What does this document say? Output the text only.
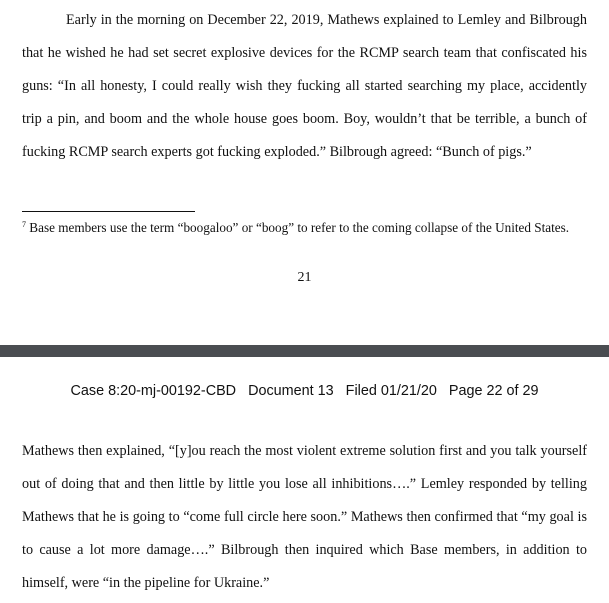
Early in the morning on December 22, 2019, Mathews explained to Lemley and Bilbrough that he wished he had set secret explosive devices for the RCMP search team that confiscated his guns: “In all honesty, I could really wish they fucking all started searching my place, accidently trip a pin, and boom and the whole house goes boom. Boy, wouldn’t that be terrible, a bunch of fucking RCMP search experts got fucking exploded.” Bilbrough agreed: “Bunch of pigs.”

$^7$ Base members use the term “boogaloo” or “boog” to refer to the coming collapse of the United States.

21
Case 8:20-mj-00192-CBD   Document 13   Filed 01/21/20   Page 22 of 29

Mathews then explained, “[y]ou reach the most violent extreme solution first and you talk yourself out of doing that and then little by little you lose all inhibitions….” Lemley responded by telling Mathews that he is going to “come full circle here soon.” Mathews then confirmed that “my goal is to cause a lot more damage….” Bilbrough then inquired which Base members, in addition to himself, were “in the pipeline for Ukraine.”
